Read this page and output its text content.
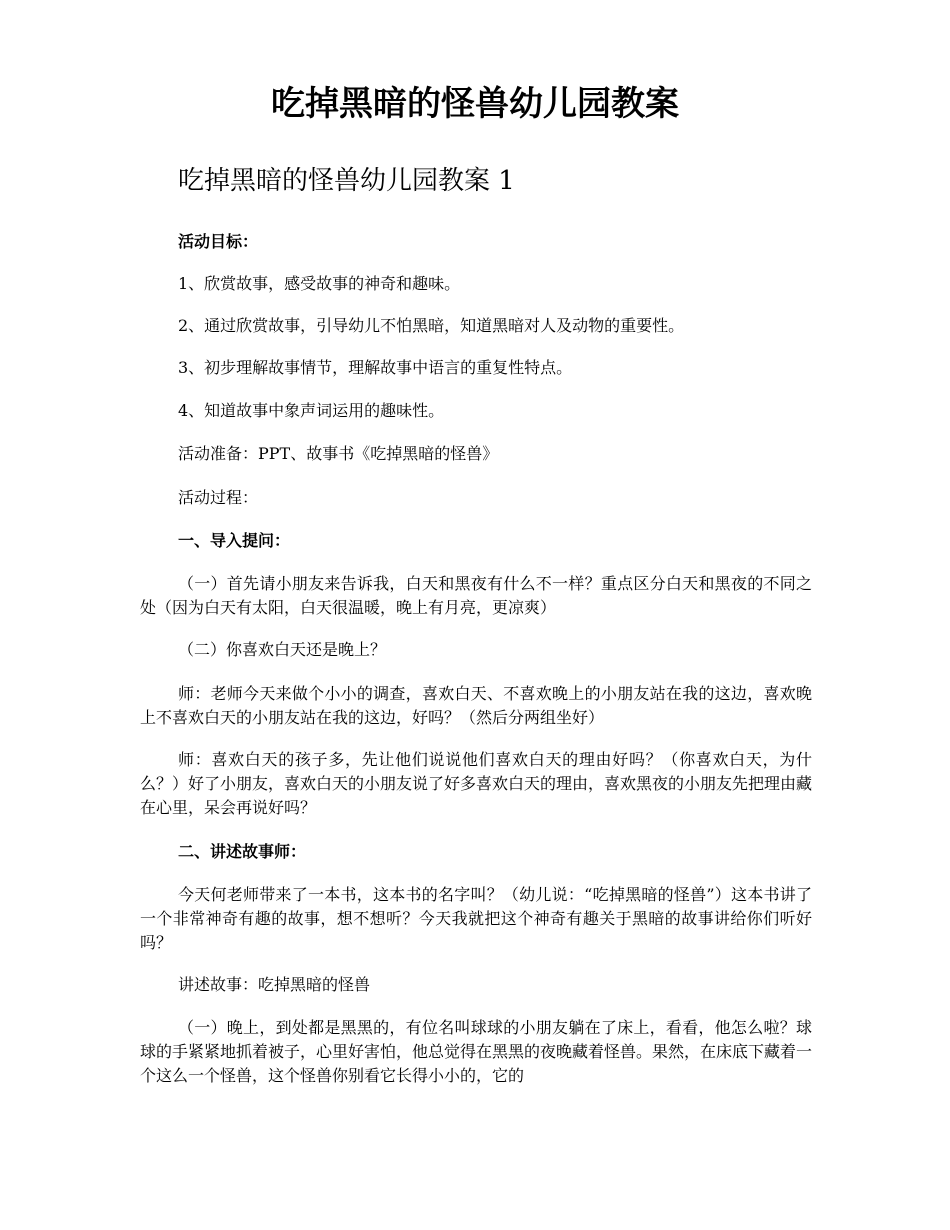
吃掉黑暗的怪兽幼儿园教案
吃掉黑暗的怪兽幼儿园教案 1

活动目标：

1、欣赏故事，感受故事的神奇和趣味。

2、通过欣赏故事，引导幼儿不怕黑暗，知道黑暗对人及动物的重要性。

3、初步理解故事情节，理解故事中语言的重复性特点。

4、知道故事中象声词运用的趣味性。

活动准备：PPT、故事书《吃掉黑暗的怪兽》

活动过程：

一、导入提问：

（一）首先请小朋友来告诉我，白天和黑夜有什么不一样？重点区分白天和黑夜的不同之处（因为白天有太阳，白天很温暖，晚上有月亮，更凉爽）

（二）你喜欢白天还是晚上？

师：老师今天来做个小小的调查，喜欢白天、不喜欢晚上的小朋友站在我的这边，喜欢晚上不喜欢白天的小朋友站在我的这边，好吗？（然后分两组坐好）

师：喜欢白天的孩子多，先让他们说说他们喜欢白天的理由好吗？（你喜欢白天，为什么？）好了小朋友，喜欢白天的小朋友说了好多喜欢白天的理由，喜欢黑夜的小朋友先把理由藏在心里，呆会再说好吗？

二、讲述故事师：

今天何老师带来了一本书，这本书的名字叫？（幼儿说：“吃掉黑暗的怪兽”）这本书讲了一个非常神奇有趣的故事，想不想听？今天我就把这个神奇有趣关于黑暗的故事讲给你们听好吗？

讲述故事：吃掉黑暗的怪兽

（一）晚上，到处都是黑黑的，有位名叫球球的小朋友躺在了床上，看看，他怎么啦？球球的手紧紧地抓着被子，心里好害怕，他总觉得在黑黑的夜晚藏着怪兽。果然，在床底下藏着一个这么一个怪兽，这个怪兽你别看它长得小小的，它的
